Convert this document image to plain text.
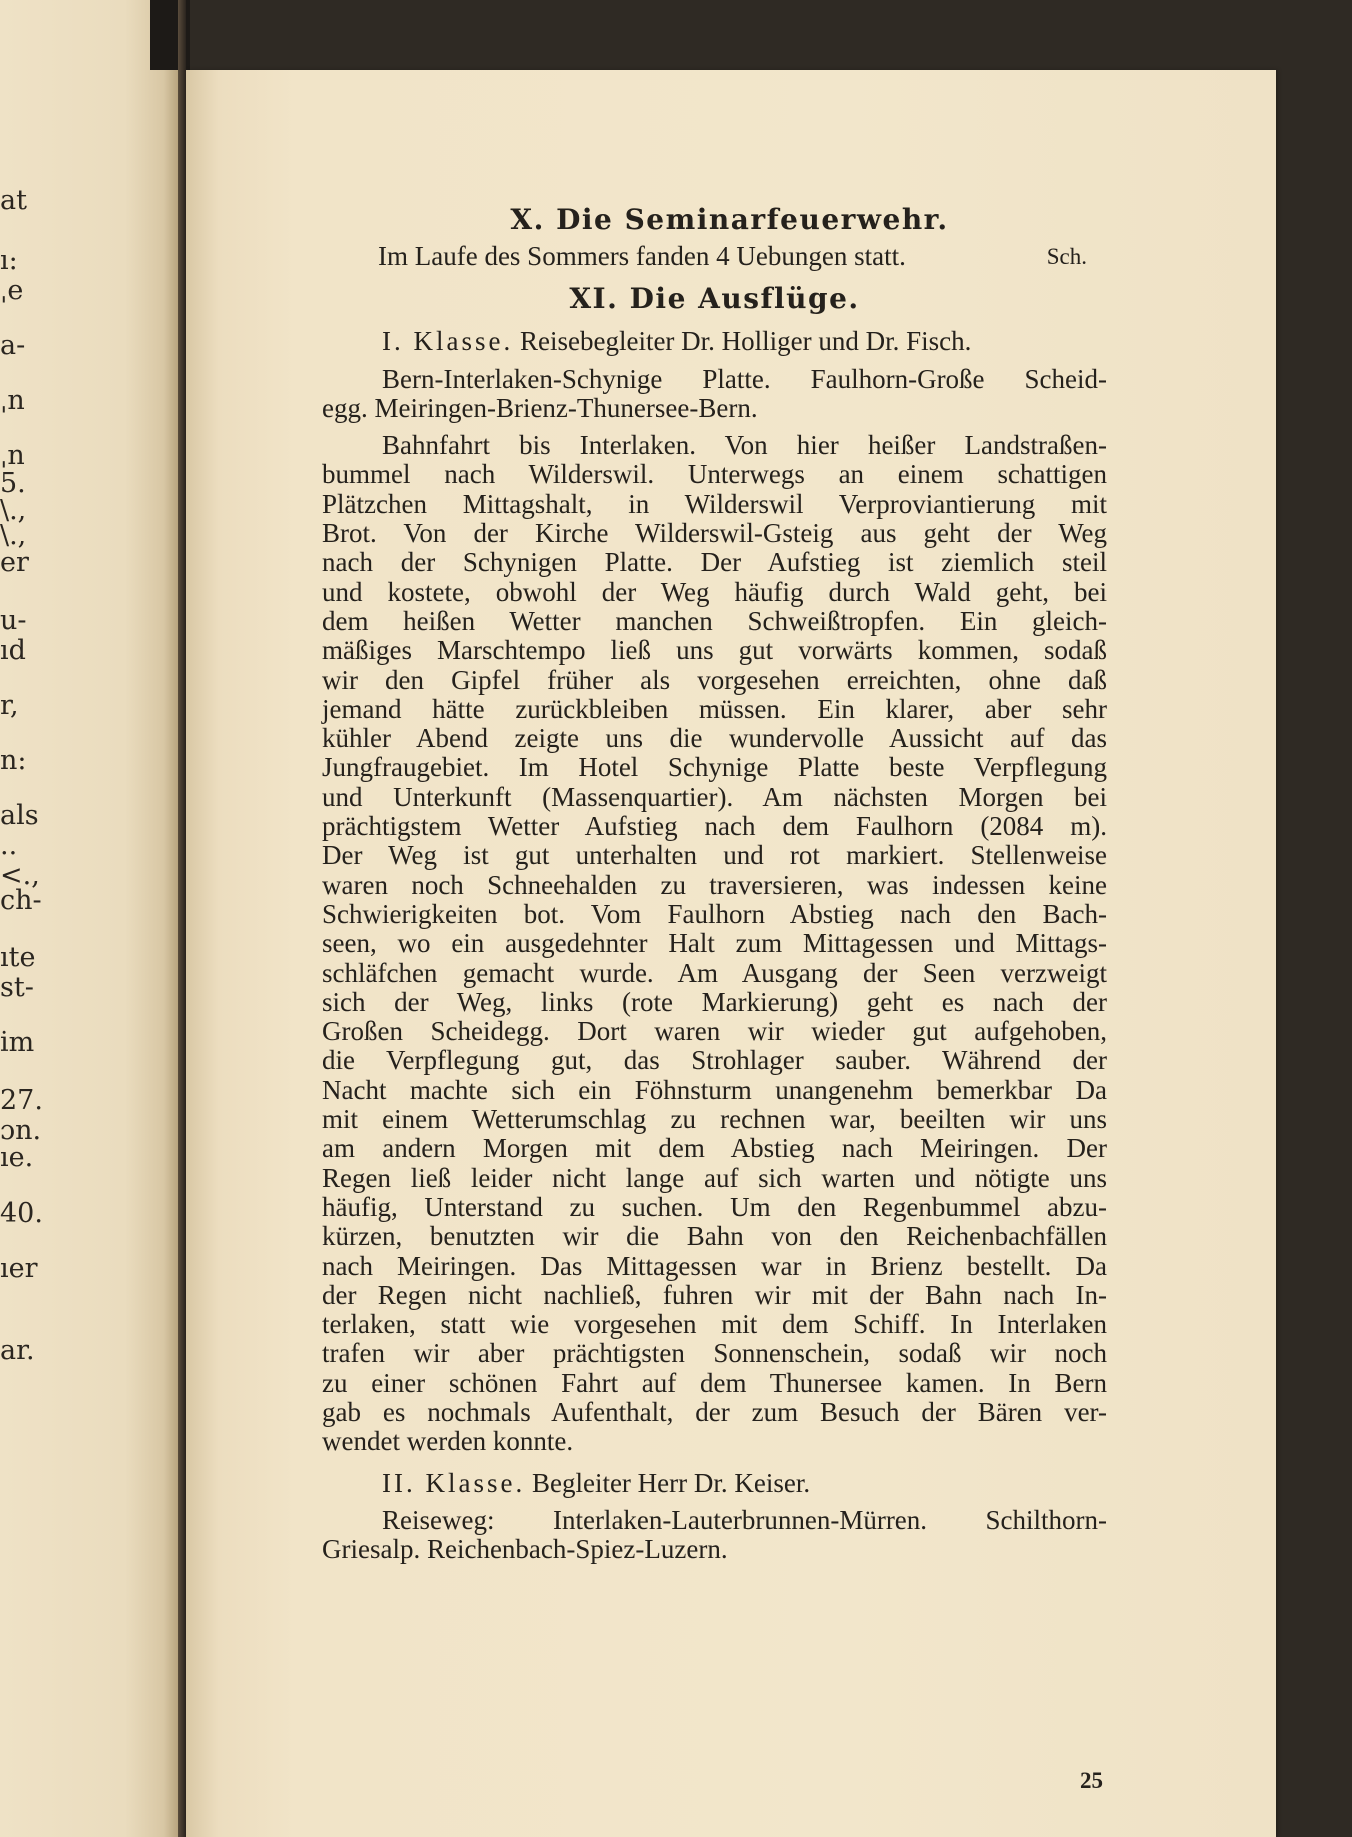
at
ı:
ˌe
a-
ˌn
ˌn
5.
\.,
\.,
er
u-
ıd
r,
n:
als
..
<.,
ch-
ıte
st-
im
27.
ɔn.
ıe.
40.
ıer
ar.
X. Die Seminarfeuerwehr.
Im Laufe des Sommers fanden 4 Uebungen statt.	Sch.
XI. Die Ausflüge.
I. Klasse. Reisebegleiter Dr. Holliger und Dr. Fisch.
Bern-Interlaken-Schynige Platte. Faulhorn-Große Scheid-
egg. Meiringen-Brienz-Thunersee-Bern.
Bahnfahrt bis Interlaken. Von hier heißer Landstraßen-
bummel nach Wilderswil. Unterwegs an einem schattigen
Plätzchen Mittagshalt, in Wilderswil Verproviantierung mit
Brot. Von der Kirche Wilderswil-Gsteig aus geht der Weg
nach der Schynigen Platte. Der Aufstieg ist ziemlich steil
und kostete, obwohl der Weg häufig durch Wald geht, bei
dem heißen Wetter manchen Schweißtropfen. Ein gleich-
mäßiges Marschtempo ließ uns gut vorwärts kommen, sodaß
wir den Gipfel früher als vorgesehen erreichten, ohne daß
jemand hätte zurückbleiben müssen. Ein klarer, aber sehr
kühler Abend zeigte uns die wundervolle Aussicht auf das
Jungfraugebiet. Im Hotel Schynige Platte beste Verpflegung
und Unterkunft (Massenquartier). Am nächsten Morgen bei
prächtigstem Wetter Aufstieg nach dem Faulhorn (2084 m).
Der Weg ist gut unterhalten und rot markiert. Stellenweise
waren noch Schneehalden zu traversieren, was indessen keine
Schwierigkeiten bot. Vom Faulhorn Abstieg nach den Bach-
seen, wo ein ausgedehnter Halt zum Mittagessen und Mittags-
schläfchen gemacht wurde. Am Ausgang der Seen verzweigt
sich der Weg, links (rote Markierung) geht es nach der
Großen Scheidegg. Dort waren wir wieder gut aufgehoben,
die Verpflegung gut, das Strohlager sauber. Während der
Nacht machte sich ein Föhnsturm unangenehm bemerkbar Da
mit einem Wetterumschlag zu rechnen war, beeilten wir uns
am andern Morgen mit dem Abstieg nach Meiringen. Der
Regen ließ leider nicht lange auf sich warten und nötigte uns
häufig, Unterstand zu suchen. Um den Regenbummel abzu-
kürzen, benutzten wir die Bahn von den Reichenbachfällen
nach Meiringen. Das Mittagessen war in Brienz bestellt. Da
der Regen nicht nachließ, fuhren wir mit der Bahn nach In-
terlaken, statt wie vorgesehen mit dem Schiff. In Interlaken
trafen wir aber prächtigsten Sonnenschein, sodaß wir noch
zu einer schönen Fahrt auf dem Thunersee kamen. In Bern
gab es nochmals Aufenthalt, der zum Besuch der Bären ver-
wendet werden konnte.
II. Klasse. Begleiter Herr Dr. Keiser.
Reiseweg: Interlaken-Lauterbrunnen-Mürren. Schilthorn-
Griesalp. Reichenbach-Spiez-Luzern.
25
